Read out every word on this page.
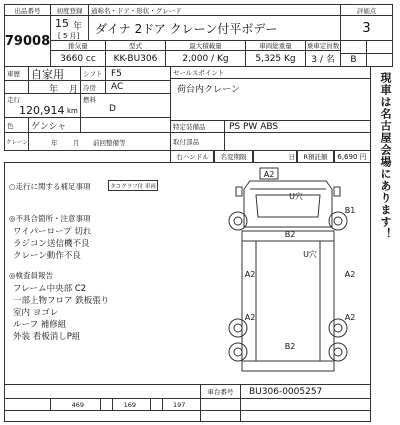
出品番号
79008
初度登録
15 年
[ 5 月]
通称名・ドア・形状・グレード
ダイナ 2ドア クレーン付平ボデー
評価点
3
B
排気量	型式	最大積載量	車両総重量	乗車定員数
3660 cc	KK-BU306	2,000 / Kg	5,325 Kg	3 / 名
車歴	自家用	シフト F5
年 月 冷房	AC
走行
120,914 km
燃料
D
色	ゲンシャ
クレーン	年 月 前回整備等
セールスポイント
荷台内クレーン
特定装備品	PS PW ABS
取付部品
右ハンドル	名変期限	日	R預託額	6,690 円
○走行に関する補足事項	タコグラフ付 車両
◎不具合箇所・注意事項
ワイパーロープ 切れ
ラジコン送信機不良
クレーン動作不良
◎検査員報告
フレーム中央部 C2
一部上物フロア 鉄板張り
室内 ヨゴレ
ルーフ 補修組
外装 看板消しP組
A2
U穴
B1
B2
U穴
A2	A2
A2	A2
B2
車台番号	BU306-0005257
469	169	197
現車は名古屋会場にあります！
